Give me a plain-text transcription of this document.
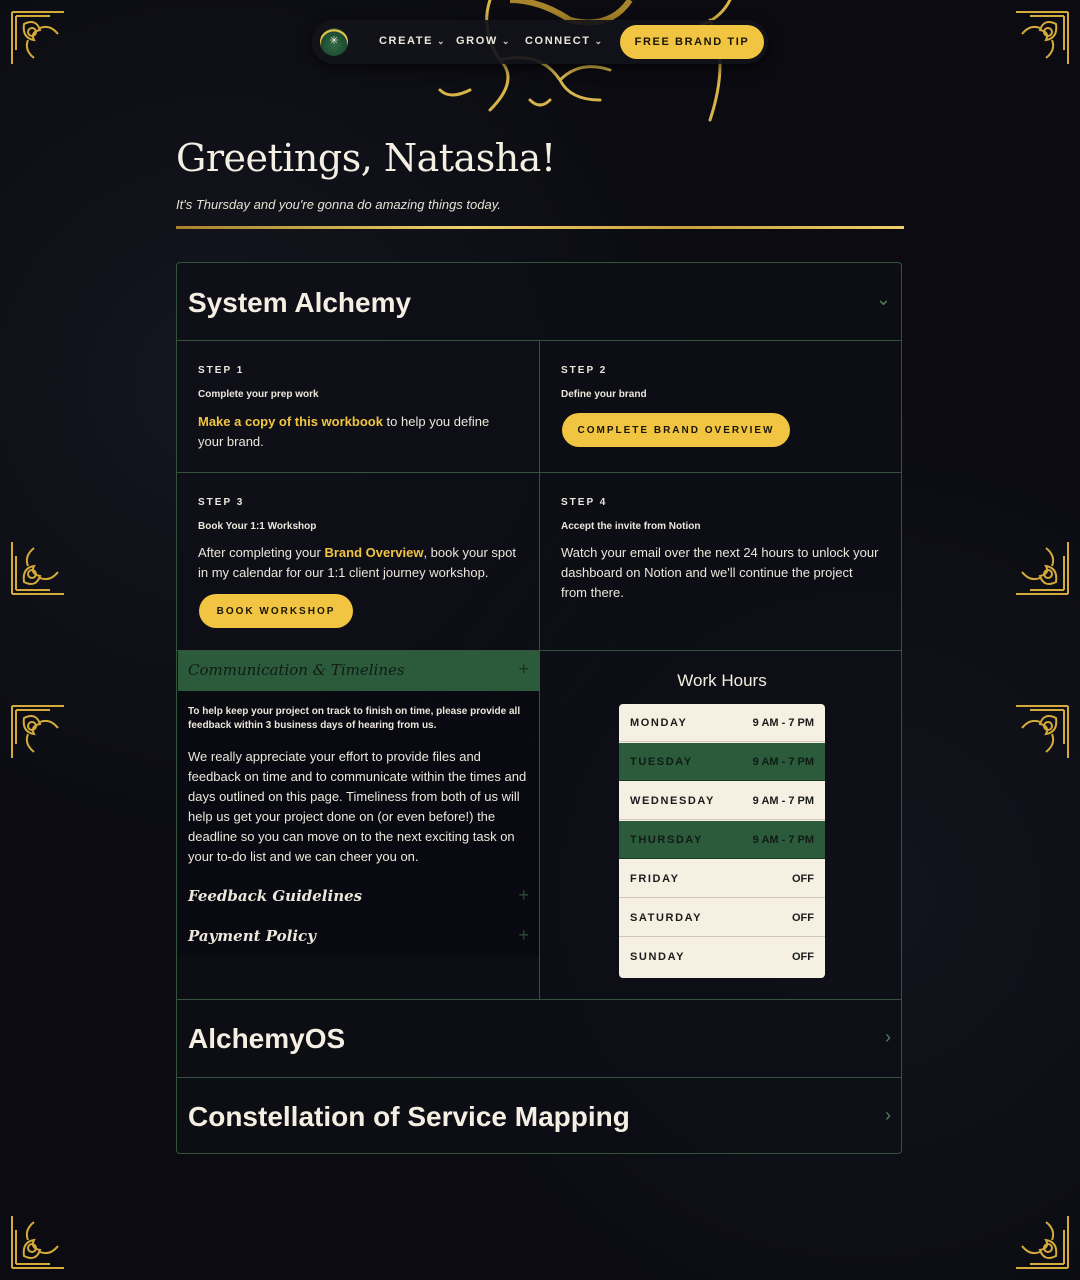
✳	CREATE ⌄ GROW ⌄ CONNECT ⌄	FREE BRAND TIP
Greetings, Natasha!
It's Thursday and you're gonna do amazing things today.
System Alchemy	⌄
STEP 1
Complete your prep work
Make a copy of this workbook to help you define your brand.
STEP 2
Define your brand
COMPLETE BRAND OVERVIEW
STEP 3
Book Your 1:1 Workshop
After completing your Brand Overview, book your spot in my calendar for our 1:1 client journey workshop.
BOOK WORKSHOP
STEP 4
Accept the invite from Notion
Watch your email over the next 24 hours to unlock your dashboard on Notion and we'll continue the project from there.
Communication & Timelines	+
To help keep your project on track to finish on time, please provide all feedback within 3 business days of hearing from us.
We really appreciate your effort to provide files and feedback on time and to communicate within the times and days outlined on this page. Timeliness from both of us will help us get your project done on (or even before!) the deadline so you can move on to the next exciting task on your to-do list and we can cheer you on.
Feedback Guidelines	+
Payment Policy	+
Work Hours
MONDAY	9 AM - 7 PM
TUESDAY	9 AM - 7 PM
WEDNESDAY	9 AM - 7 PM
THURSDAY	9 AM - 7 PM
FRIDAY	OFF
SATURDAY	OFF
SUNDAY	OFF
AlchemyOS	›
Constellation of Service Mapping	›
